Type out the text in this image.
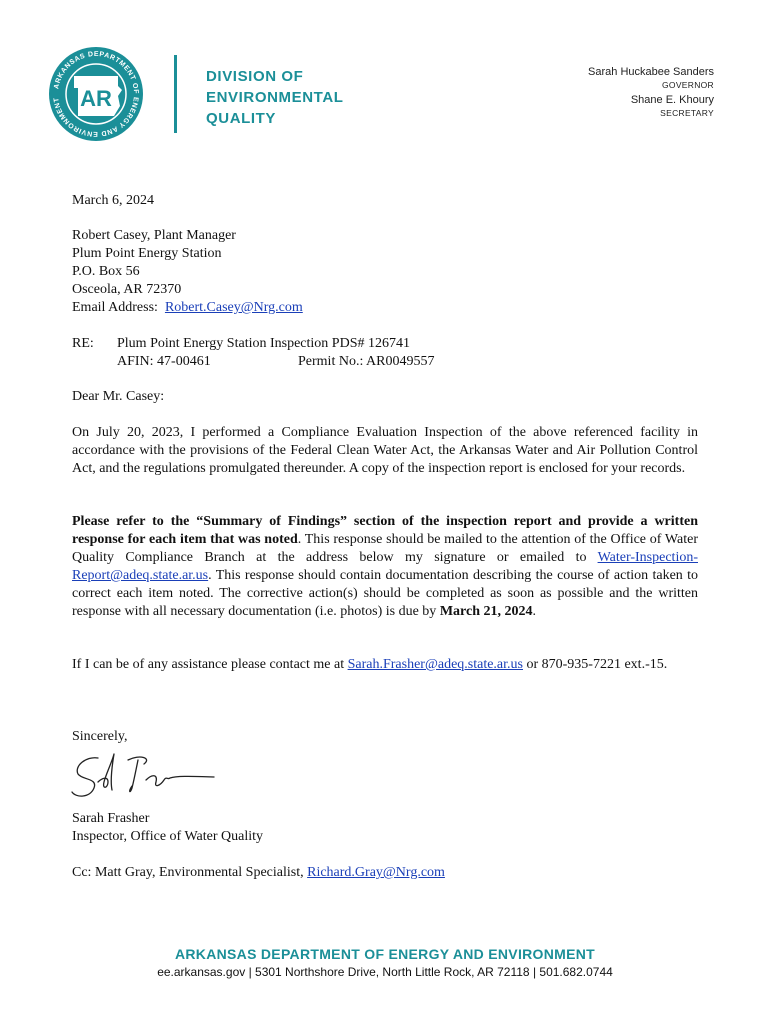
ARKANSAS DEPARTMENT OF ENERGY AND ENVIRONMENT AR
DIVISION OF
ENVIRONMENTAL
QUALITY
Sarah Huckabee Sanders
GOVERNOR
Shane E. Khoury
SECRETARY
March 6, 2024
Robert Casey, Plant Manager
Plum Point Energy Station
P.O. Box 56
Osceola, AR 72370
Email Address: Robert.Casey@Nrg.com
RE: Plum Point Energy Station Inspection PDS# 126741
AFIN: 47-00461	Permit No.: AR0049557
Dear Mr. Casey:
On July 20, 2023, I performed a Compliance Evaluation Inspection of the above referenced facility in accordance with the provisions of the Federal Clean Water Act, the Arkansas Water and Air Pollution Control Act, and the regulations promulgated thereunder. A copy of the inspection report is enclosed for your records.
Please refer to the “Summary of Findings” section of the inspection report and provide a written response for each item that was noted. This response should be mailed to the attention of the Office of Water Quality Compliance Branch at the address below my signature or emailed to Water-Inspection-Report@adeq.state.ar.us. This response should contain documentation describing the course of action taken to correct each item noted. The corrective action(s) should be completed as soon as possible and the written response with all necessary documentation (i.e. photos) is due by March 21, 2024.
If I can be of any assistance please contact me at Sarah.Frasher@adeq.state.ar.us or 870-935-7221 ext.-15.
Sincerely,
Sarah Frasher
Inspector, Office of Water Quality
Cc: Matt Gray, Environmental Specialist, Richard.Gray@Nrg.com
ARKANSAS DEPARTMENT OF ENERGY AND ENVIRONMENT
ee.arkansas.gov | 5301 Northshore Drive, North Little Rock, AR 72118 | 501.682.0744
